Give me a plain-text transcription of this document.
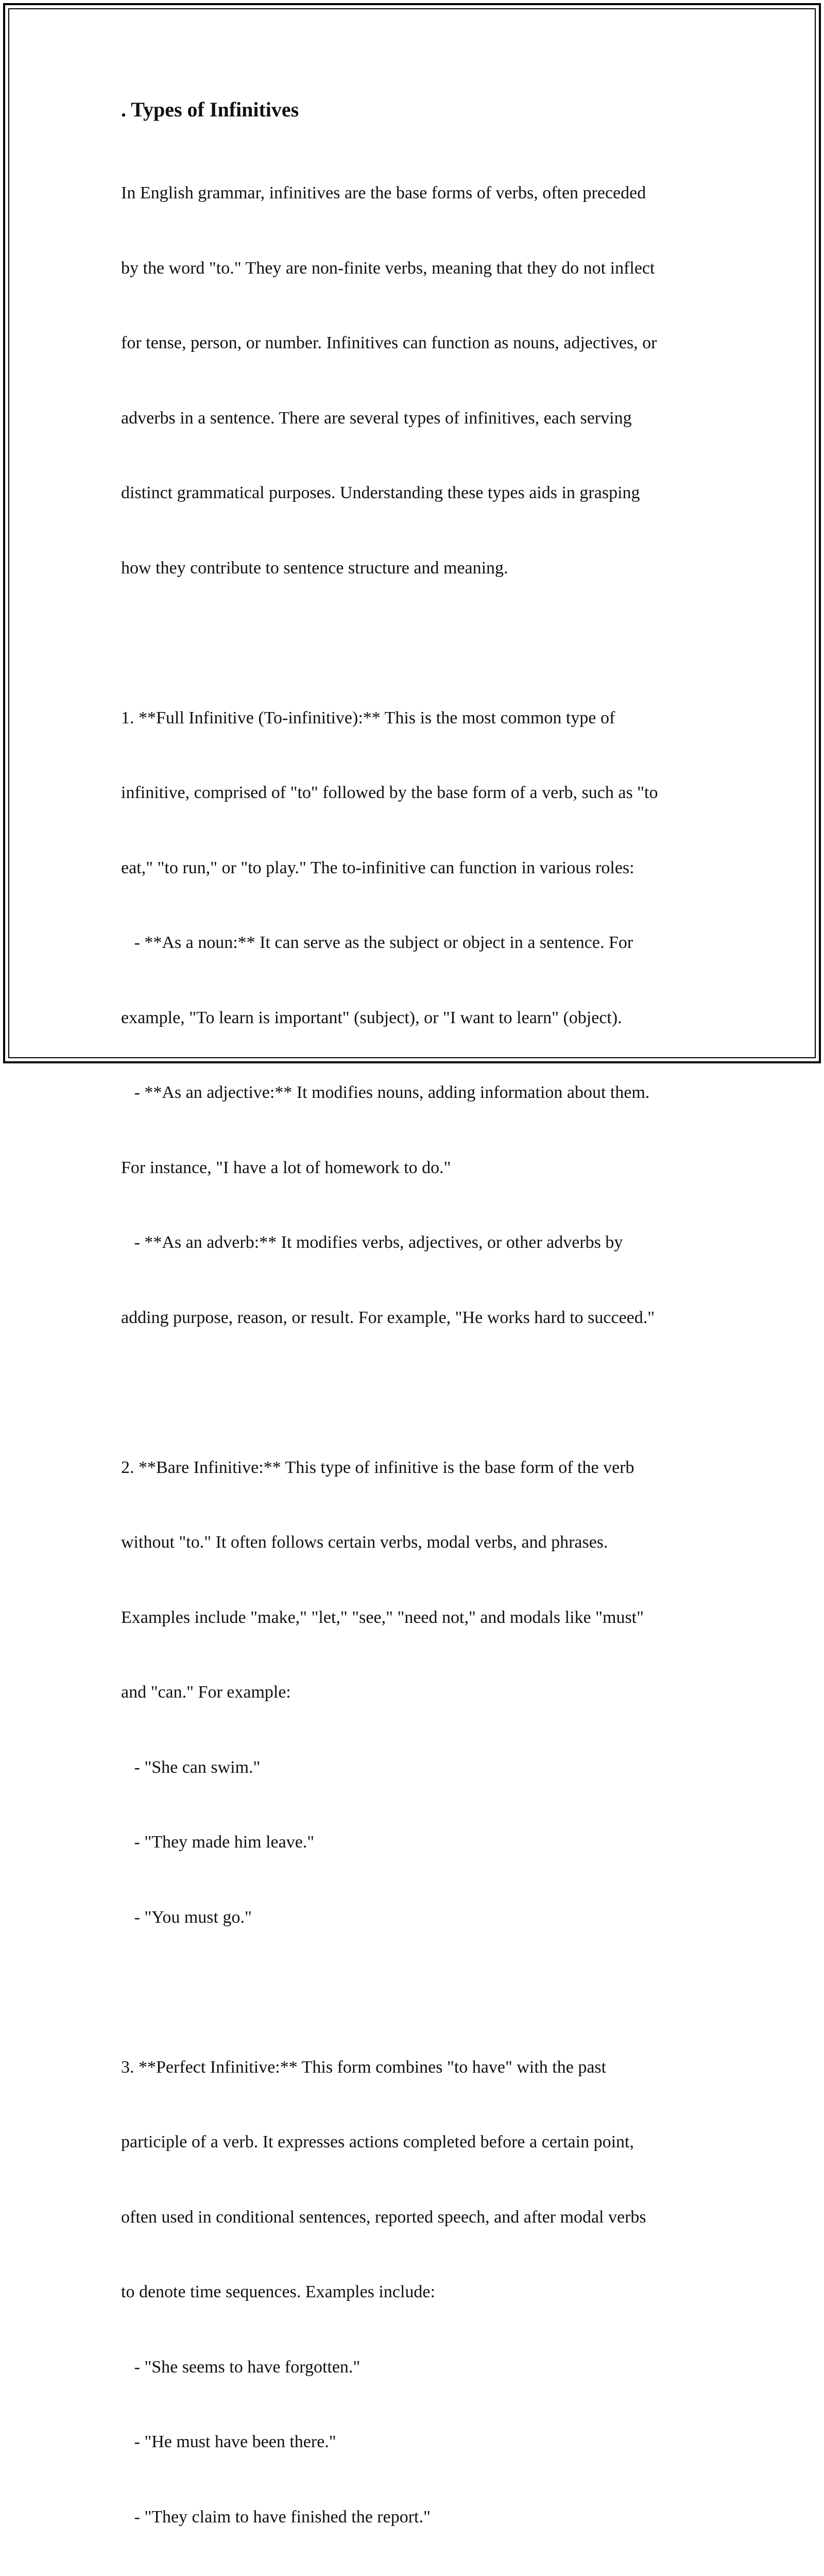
. Types of Infinitives

In English grammar, infinitives are the base forms of verbs, often preceded

by the word "to." They are non-finite verbs, meaning that they do not inflect

for tense, person, or number. Infinitives can function as nouns, adjectives, or

adverbs in a sentence. There are several types of infinitives, each serving

distinct grammatical purposes. Understanding these types aids in grasping

how they contribute to sentence structure and meaning.

1. **Full Infinitive (To-infinitive):** This is the most common type of

infinitive, comprised of "to" followed by the base form of a verb, such as "to

eat," "to run," or "to play." The to-infinitive can function in various roles:

- **As a noun:** It can serve as the subject or object in a sentence. For

example, "To learn is important" (subject), or "I want to learn" (object).

- **As an adjective:** It modifies nouns, adding information about them.

For instance, "I have a lot of homework to do."

- **As an adverb:** It modifies verbs, adjectives, or other adverbs by

adding purpose, reason, or result. For example, "He works hard to succeed."

2. **Bare Infinitive:** This type of infinitive is the base form of the verb

without "to." It often follows certain verbs, modal verbs, and phrases.

Examples include "make," "let," "see," "need not," and modals like "must"

and "can." For example:

- "She can swim."

- "They made him leave."

- "You must go."

3. **Perfect Infinitive:** This form combines "to have" with the past

participle of a verb. It expresses actions completed before a certain point,

often used in conditional sentences, reported speech, and after modal verbs

to denote time sequences. Examples include:

- "She seems to have forgotten."

- "He must have been there."

- "They claim to have finished the report."
